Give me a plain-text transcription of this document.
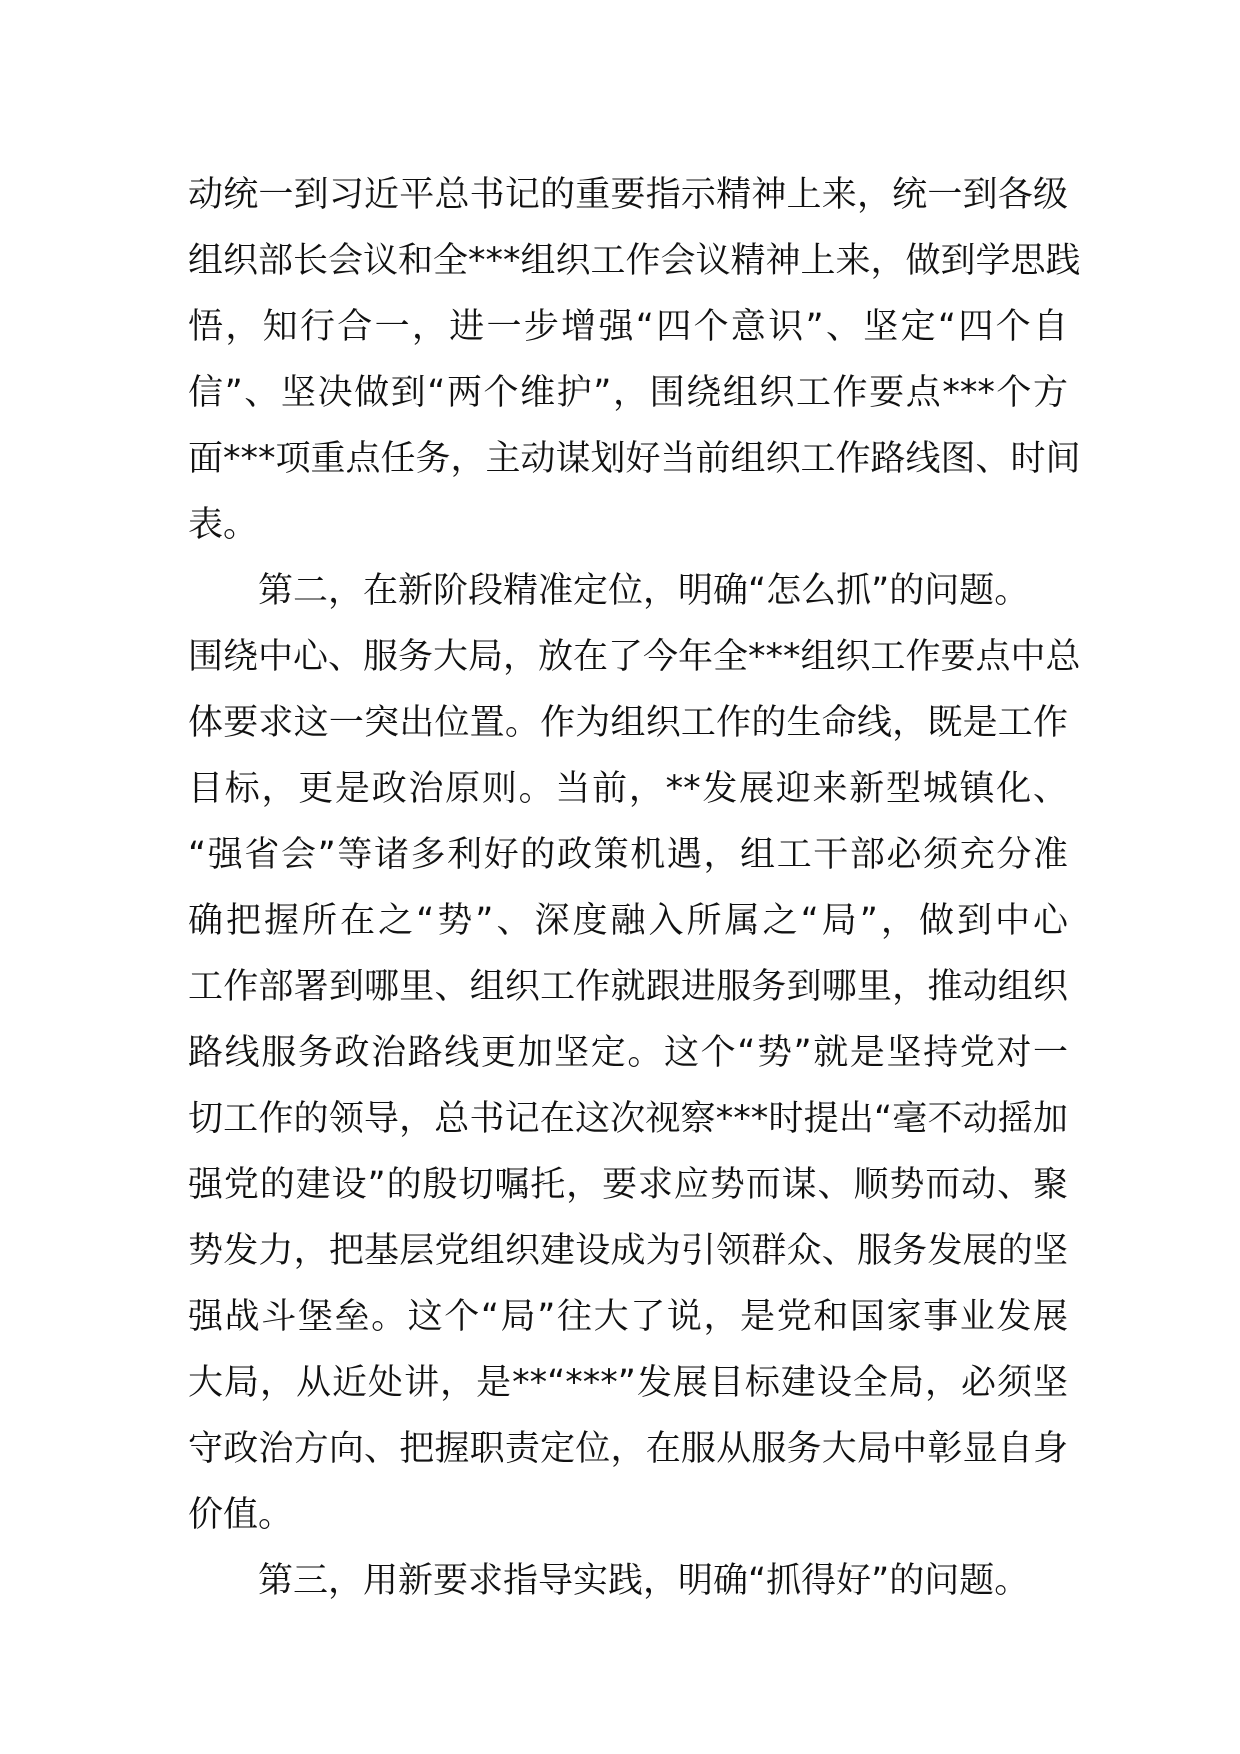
动统一到习近平总书记的重要指示精神上来，统一到各级
组织部长会议和全***组织工作会议精神上来，做到学思践
悟，知行合一，进一步增强“四个意识”、坚定“四个自
信”、坚决做到“两个维护”，围绕组织工作要点***个方
面***项重点任务，主动谋划好当前组织工作路线图、时间
表。
第二，在新阶段精准定位，明确“怎么抓”的问题。
围绕中心、服务大局，放在了今年全***组织工作要点中总
体要求这一突出位置。作为组织工作的生命线，既是工作
目标，更是政治原则。当前，**发展迎来新型城镇化、
“强省会”等诸多利好的政策机遇，组工干部必须充分准
确把握所在之“势”、深度融入所属之“局”，做到中心
工作部署到哪里、组织工作就跟进服务到哪里，推动组织
路线服务政治路线更加坚定。这个“势”就是坚持党对一
切工作的领导，总书记在这次视察***时提出“毫不动摇加
强党的建设”的殷切嘱托，要求应势而谋、顺势而动、聚
势发力，把基层党组织建设成为引领群众、服务发展的坚
强战斗堡垒。这个“局”往大了说，是党和国家事业发展
大局，从近处讲，是**“***”发展目标建设全局，必须坚
守政治方向、把握职责定位，在服从服务大局中彰显自身
价值。
第三，用新要求指导实践，明确“抓得好”的问题。
